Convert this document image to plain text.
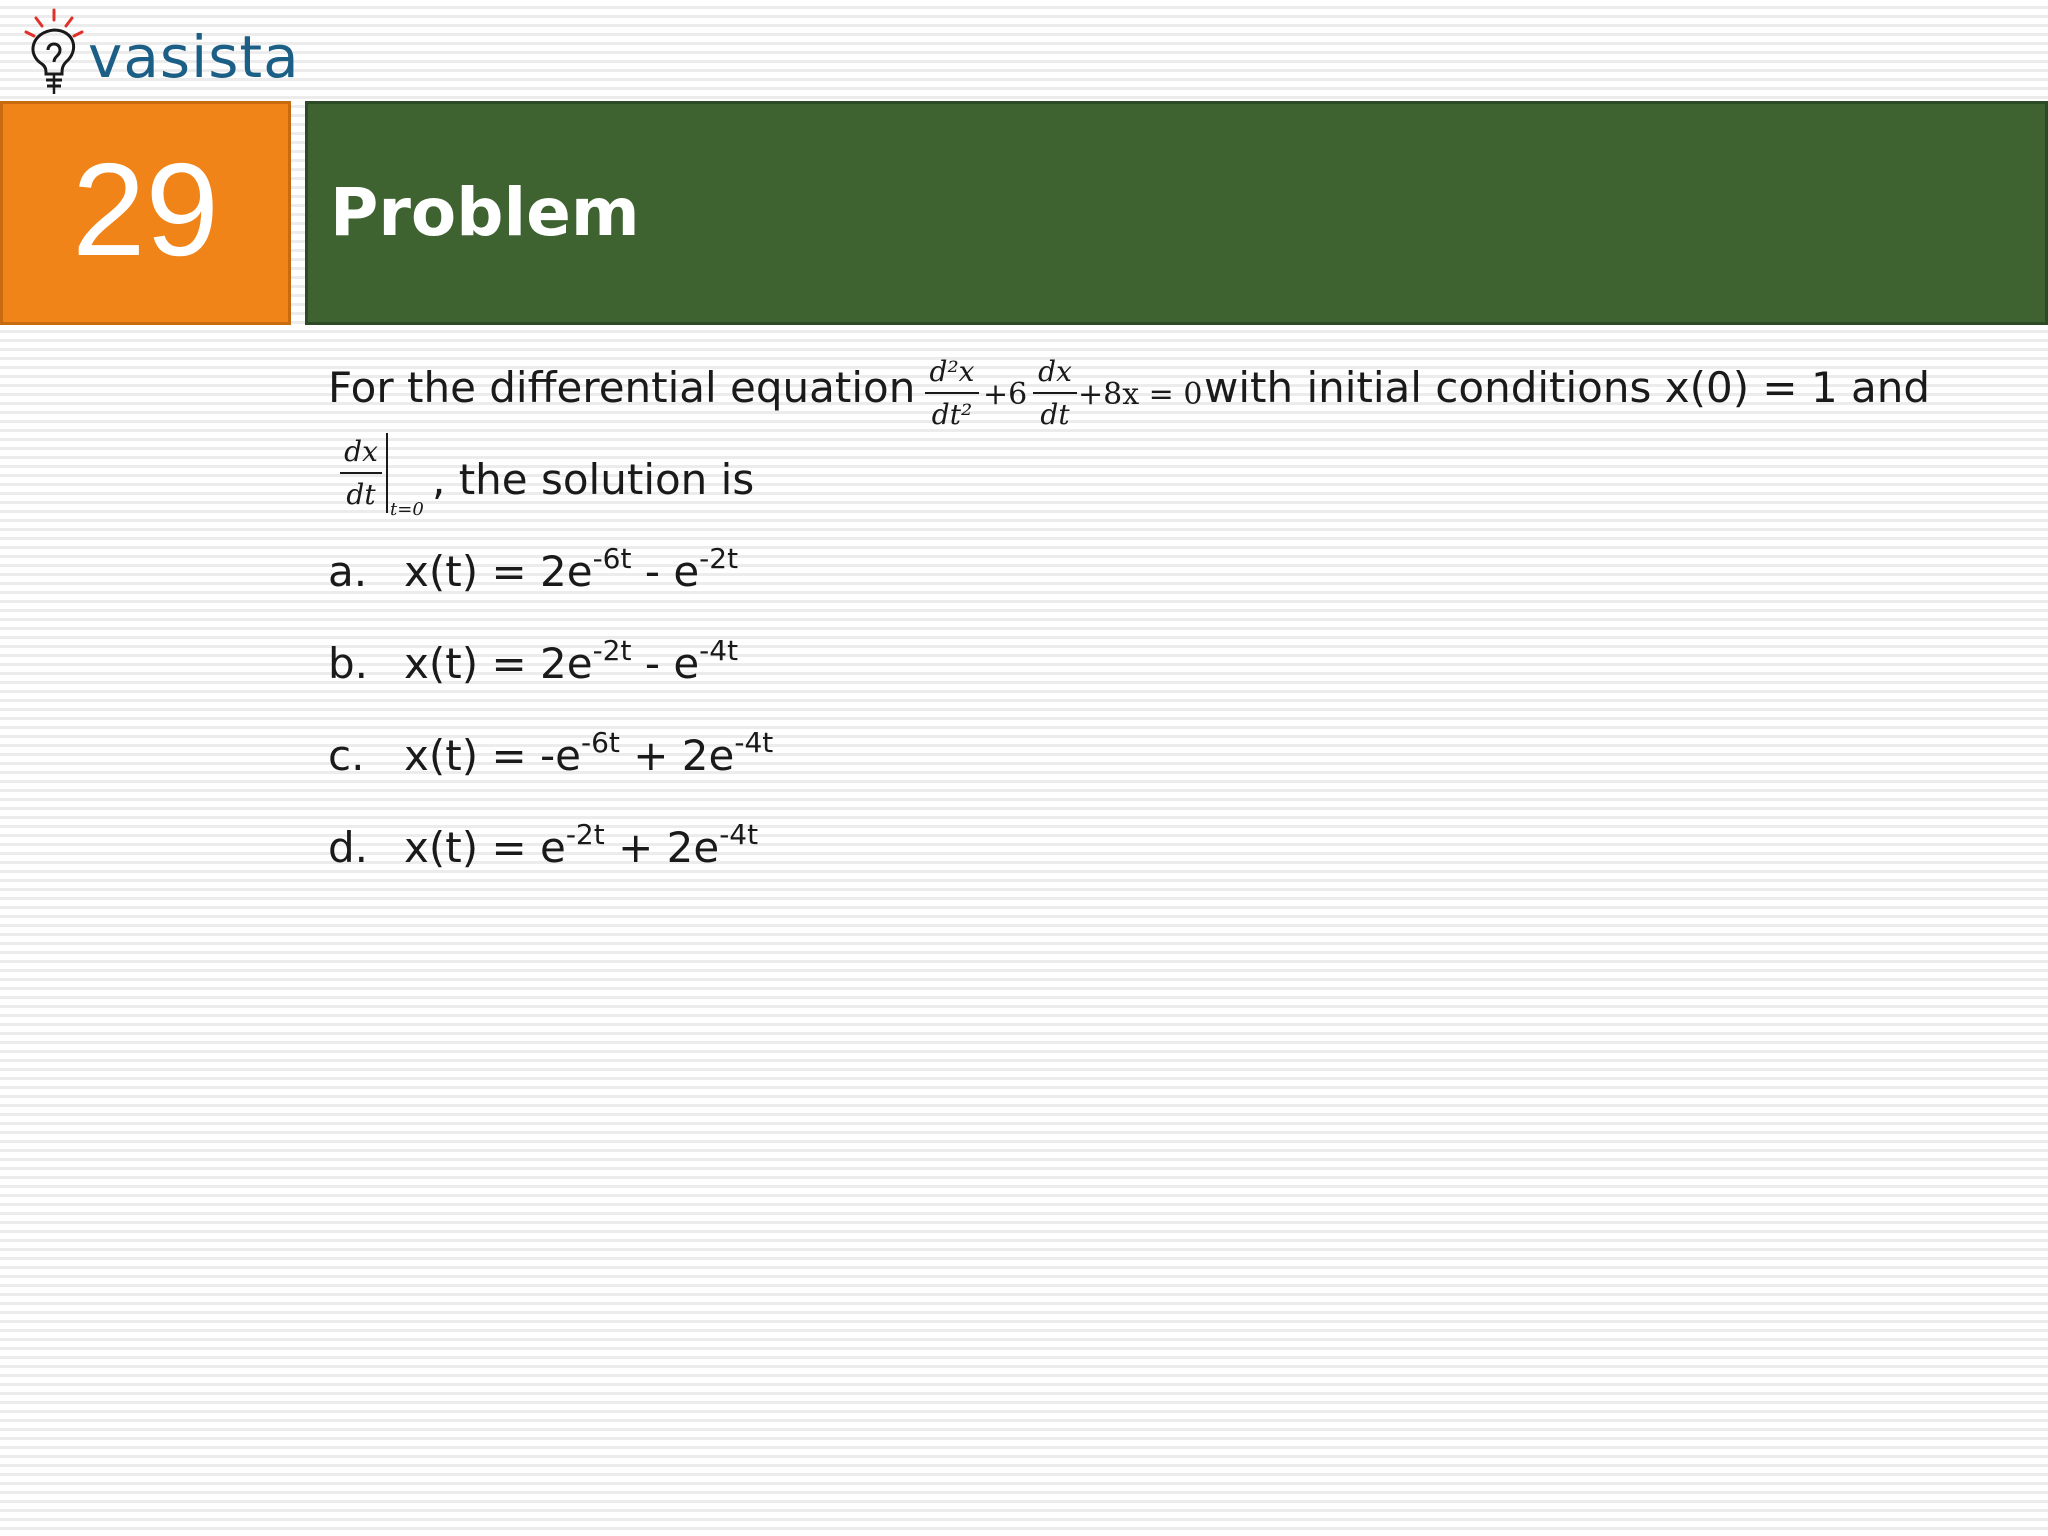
vasista
29	Problem
For the differential equation d²x
dt²
+6
dx
dt
+8x = 0 with initial conditions x(0) = 1 and
dx
dt t=0
, the solution is
a. $x(t) = 2e^{-6t} - e^{-2t}$
b. $x(t) = 2e^{-2t} - e^{-4t}$
c. $x(t) = -e^{-6t} + 2e^{-4t}$
d. $x(t) = e^{-2t} + 2e^{-4t}$
